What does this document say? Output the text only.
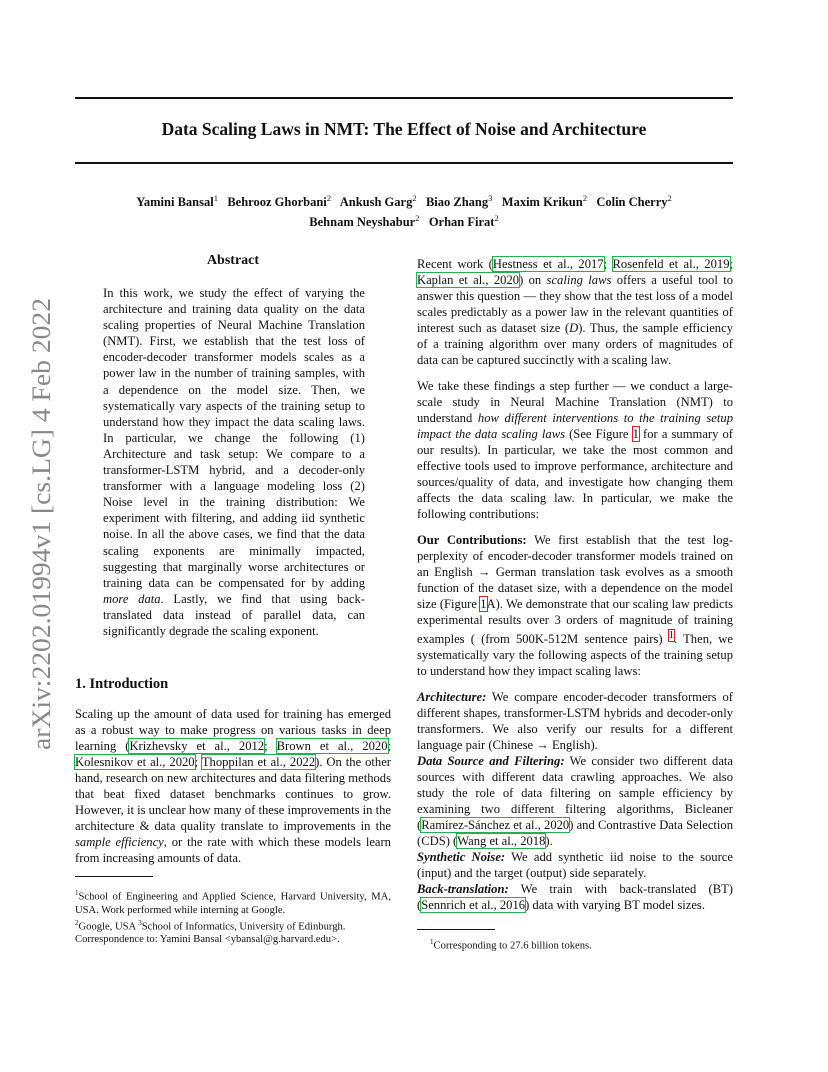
arXiv:2202.01994v1 [cs.LG] 4 Feb 2022
Data Scaling Laws in NMT: The Effect of Noise and Architecture
Yamini Bansal$^1$ Behrooz Ghorbani$^2$ Ankush Garg$^2$ Biao Zhang$^3$ Maxim Krikun$^2$ Colin Cherry$^2$
Behnam Neyshabur$^2$ Orhan Firat$^2$
Abstract
In this work, we study the effect of varying the architecture and training data quality on the data scaling properties of Neural Machine Translation (NMT). First, we establish that the test loss of encoder-decoder transformer models scales as a power law in the number of training samples, with a dependence on the model size. Then, we systematically vary aspects of the training setup to understand how they impact the data scaling laws. In particular, we change the following (1) Architecture and task setup: We compare to a transformer-LSTM hybrid, and a decoder-only transformer with a language modeling loss (2) Noise level in the training distribution: We experiment with filtering, and adding iid synthetic noise. In all the above cases, we find that the data scaling exponents are minimally impacted, suggesting that marginally worse architectures or training data can be compensated for by adding more data. Lastly, we find that using back-translated data instead of parallel data, can significantly degrade the scaling exponent.
1. Introduction
Scaling up the amount of data used for training has emerged as a robust way to make progress on various tasks in deep learning (Krizhevsky et al., 2012; Brown et al., 2020; Kolesnikov et al., 2020; Thoppilan et al., 2022). On the other hand, research on new architectures and data filtering methods that beat fixed dataset benchmarks continues to grow. However, it is unclear how many of these improvements in the architecture & data quality translate to improvements in the sample efficiency, or the rate with which these models learn from increasing amounts of data.
$^1$School of Engineering and Applied Science, Harvard University, MA, USA. Work performed while interning at Google.
$^2$Google, USA $^3$School of Informatics, University of Edinburgh.
Correspondence to: Yamini Bansal <ybansal@g.harvard.edu>.

Recent work (Hestness et al., 2017; Rosenfeld et al., 2019; Kaplan et al., 2020) on scaling laws offers a useful tool to answer this question — they show that the test loss of a model scales predictably as a power law in the relevant quantities of interest such as dataset size (D). Thus, the sample efficiency of a training algorithm over many orders of magnitudes of data can be captured succinctly with a scaling law.

We take these findings a step further — we conduct a large-scale study in Neural Machine Translation (NMT) to understand how different interventions to the training setup impact the data scaling laws (See Figure 1 for a summary of our results). In particular, we take the most common and effective tools used to improve performance, architecture and sources/quality of data, and investigate how changing them affects the data scaling law. In particular, we make the following contributions:

Our Contributions: We first establish that the test log-perplexity of encoder-decoder transformer models trained on an English → German translation task evolves as a smooth function of the dataset size, with a dependence on the model size (Figure 1A). We demonstrate that our scaling law predicts experimental results over 3 orders of magnitude of training examples ( (from 500K-512M sentence pairs) $^1$. Then, we systematically vary the following aspects of the training setup to understand how they impact scaling laws:

Architecture: We compare encoder-decoder transformers of different shapes, transformer-LSTM hybrids and decoder-only transformers. We also verify our results for a different language pair (Chinese → English).

Data Source and Filtering: We consider two different data sources with different data crawling approaches. We also study the role of data filtering on sample efficiency by examining two different filtering algorithms, Bicleaner (Ramírez-Sánchez et al., 2020) and Contrastive Data Selection (CDS) (Wang et al., 2018).

Synthetic Noise: We add synthetic iid noise to the source (input) and the target (output) side separately.

Back-translation: We train with back-translated (BT) (Sennrich et al., 2016) data with varying BT model sizes.

$^1$Corresponding to 27.6 billion tokens.
